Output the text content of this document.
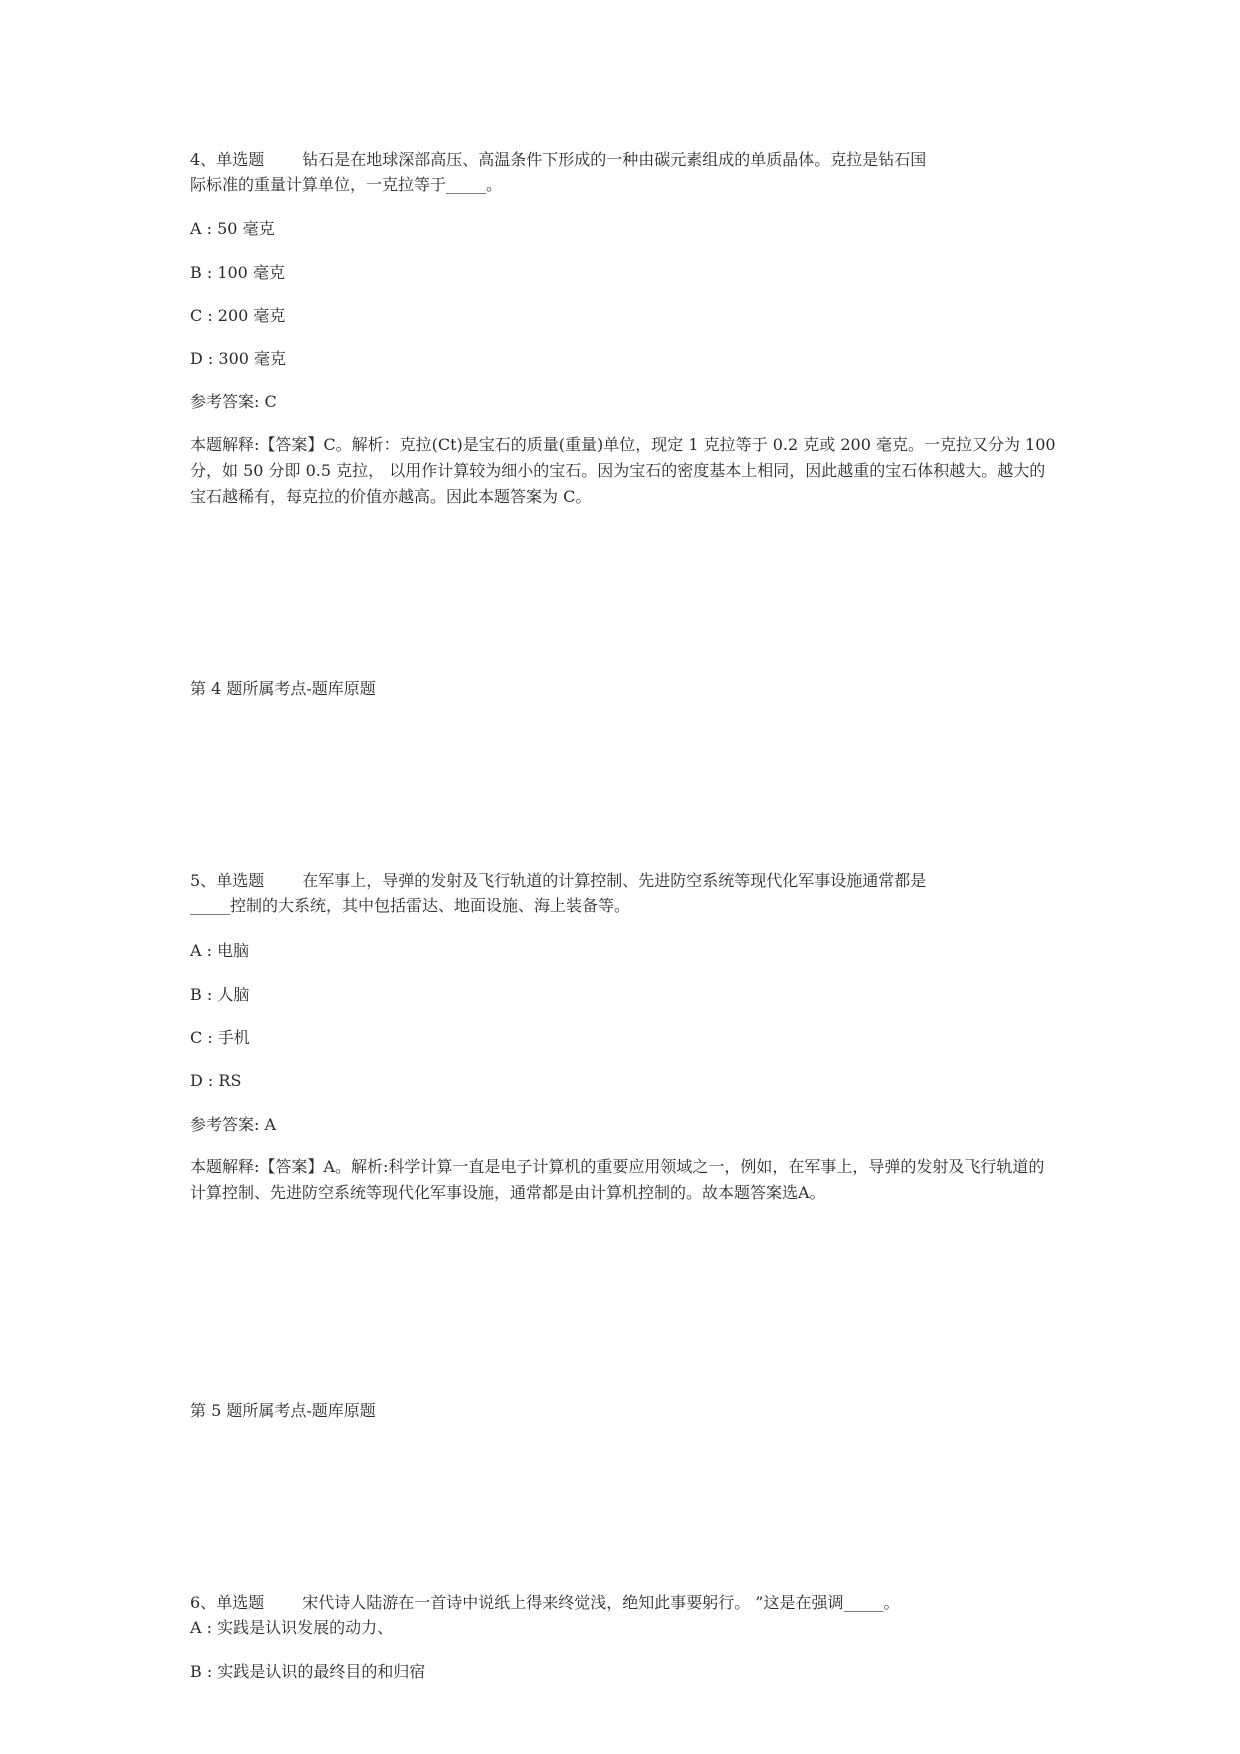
4、单选题 钻石是在地球深部高压、高温条件下形成的一种由碳元素组成的单质晶体。克拉是钻石国
际标准的重量计算单位，一克拉等于_____。
A : 50 毫克
B : 100 毫克
C : 200 毫克
D : 300 毫克
参考答案: C
本题解释:【答案】C。解析：克拉(Ct)是宝石的质量(重量)单位，现定 1 克拉等于 0.2 克或 200 毫克。一克拉又分为 100 分，如 50 分即 0.5 克拉， 以用作计算较为细小的宝石。因为宝石的密度基本上相同，因此越重的宝石体积越大。越大的宝石越稀有，每克拉的价值亦越高。因此本题答案为 C。
第 4 题所属考点-题库原题
5、单选题 在军事上，导弹的发射及飞行轨道的计算控制、先进防空系统等现代化军事设施通常都是
_____控制的大系统，其中包括雷达、地面设施、海上装备等。
A : 电脑
B : 人脑
C : 手机
D : RS
参考答案: A
本题解释:【答案】A。解析:科学计算一直是电子计算机的重要应用领域之一，例如，在军事上，导弹的发射及飞行轨道的计算控制、先进防空系统等现代化军事设施，通常都是由计算机控制的。故本题答案选A。
第 5 题所属考点-题库原题
6、单选题 宋代诗人陆游在一首诗中说纸上得来终觉浅，绝知此事要躬行。 ”这是在强调_____。
A : 实践是认识发展的动力、
B : 实践是认识的最终目的和归宿
